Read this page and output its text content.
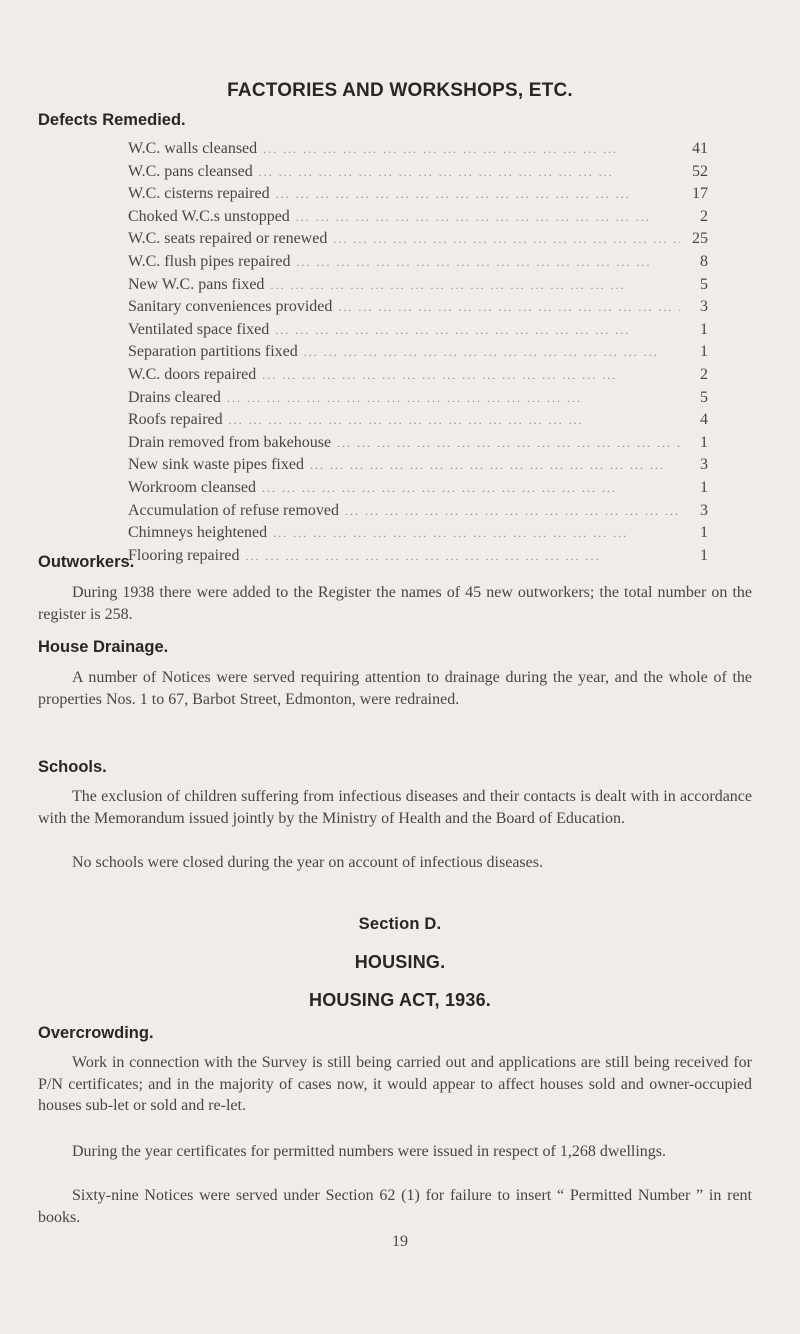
FACTORIES AND WORKSHOPS, ETC.
Defects Remedied.
W.C. walls cleansed ... .	41
W.C. pans cleansed ... .	52
W.C. cisterns repaired ... .	17
Choked W.C.s unstopped ... .	2
W.C. seats repaired or renewed ... .	25
W.C. flush pipes repaired ... .	8
New W.C. pans fixed ... .	5
Sanitary conveniences provided ... .	3
Ventilated space fixed ... .	1
Separation partitions fixed ... .	1
W.C. doors repaired ... .	2
Drains cleared ... .	5
Roofs repaired ... .	4
Drain removed from bakehouse ... .	1
New sink waste pipes fixed ... .	3
Workroom cleansed ... .	1
Accumulation of refuse removed ... .	3
Chimneys heightened ... .	1
Flooring repaired ... .	1
Outworkers.

During 1938 there were added to the Register the names of 45 new outworkers; the total number on the register is 258.

House Drainage.

A number of Notices were served requiring attention to drainage during the year, and the whole of the properties Nos. 1 to 67, Barbot Street, Edmonton, were redrained.

Schools.

The exclusion of children suffering from infectious diseases and their contacts is dealt with in accordance with the Memorandum issued jointly by the Ministry of Health and the Board of Education.

No schools were closed during the year on account of infectious diseases.

Section D.
HOUSING.
HOUSING ACT, 1936.
Overcrowding.

Work in connection with the Survey is still being carried out and applications are still being received for P/N certificates; and in the majority of cases now, it would appear to affect houses sold and owner-occupied houses sub-let or sold and re-let.

During the year certificates for permitted numbers were issued in respect of 1,268 dwellings.

Sixty-nine Notices were served under Section 62 (1) for failure to insert “ Permitted Number ” in rent books.

19
